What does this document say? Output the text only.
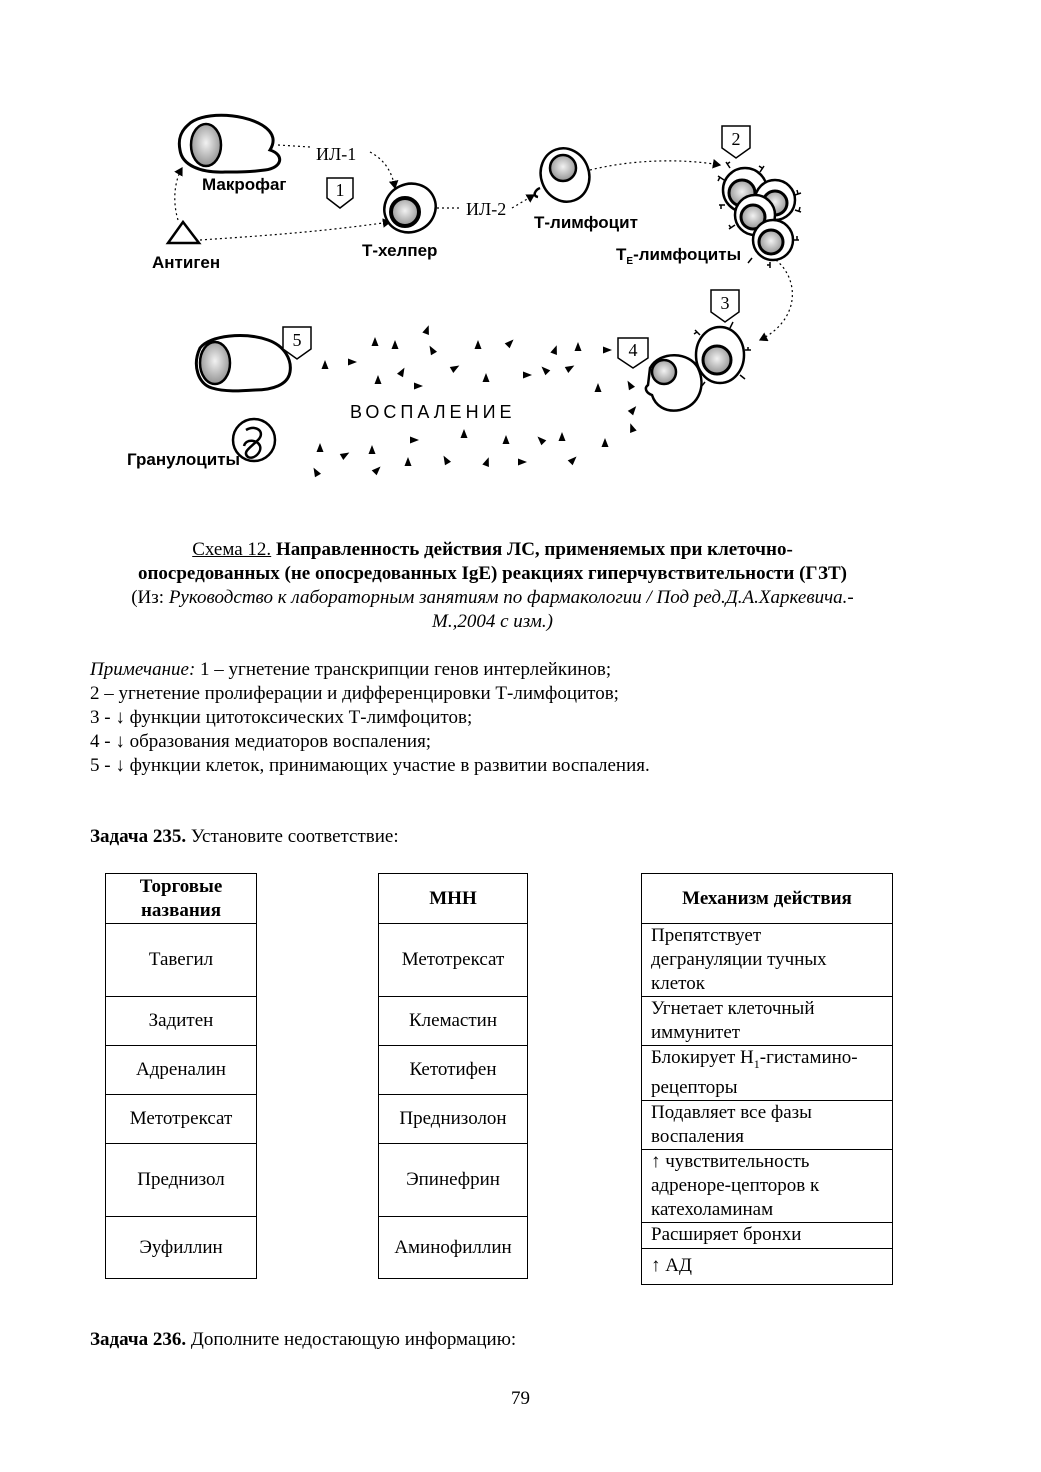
1
2
3
4
5
ИЛ-1
Макрофаг
Антиген
Т-хелпер
ИЛ-2
Т-лимфоцит
$Т_E$-лимфоциты
ВОСПАЛЕНИЕ
Гранулоциты
Схема 12. Направленность действия ЛС, применяемых при клеточно-
опосредованных (не опосредованных IgE) реакциях гиперчувствительности (ГЗТ)
(Из: Руководство к лабораторным занятиям по фармакологии / Под ред.Д.А.Харкевича.-
М.,2004 с изм.)
Примечание: 1 – угнетение транскрипции генов интерлейкинов;
2 – угнетение пролиферации и дифференцировки Т-лимфоцитов;
3 - ↓ функции цитотоксических Т-лимфоцитов;
4 - ↓ образования медиаторов воспаления;
5 - ↓ функции клеток, принимающих участие в развитии воспаления.
Задача 235. Установите соответствие:
Торговые
названия
Тавегил
Задитен
Адреналин
Метотрексат
Преднизол
Эуфиллин
МНН
Метотрексат
Клемастин
Кетотифен
Преднизолон
Эпинефрин
Аминофиллин
Механизм действия
Препятствует
дегрануляции тучных
клеток
Угнетает клеточный
иммунитет
Блокирует $Н_1-гистамино-$
рецепторы
Подавляет все фазы
воспаления
↑ чувствительность
адреноре-цепторов к
катехоламинам
Расширяет бронхи
↑ АД
Задача 236. Дополните недостающую информацию:
79
